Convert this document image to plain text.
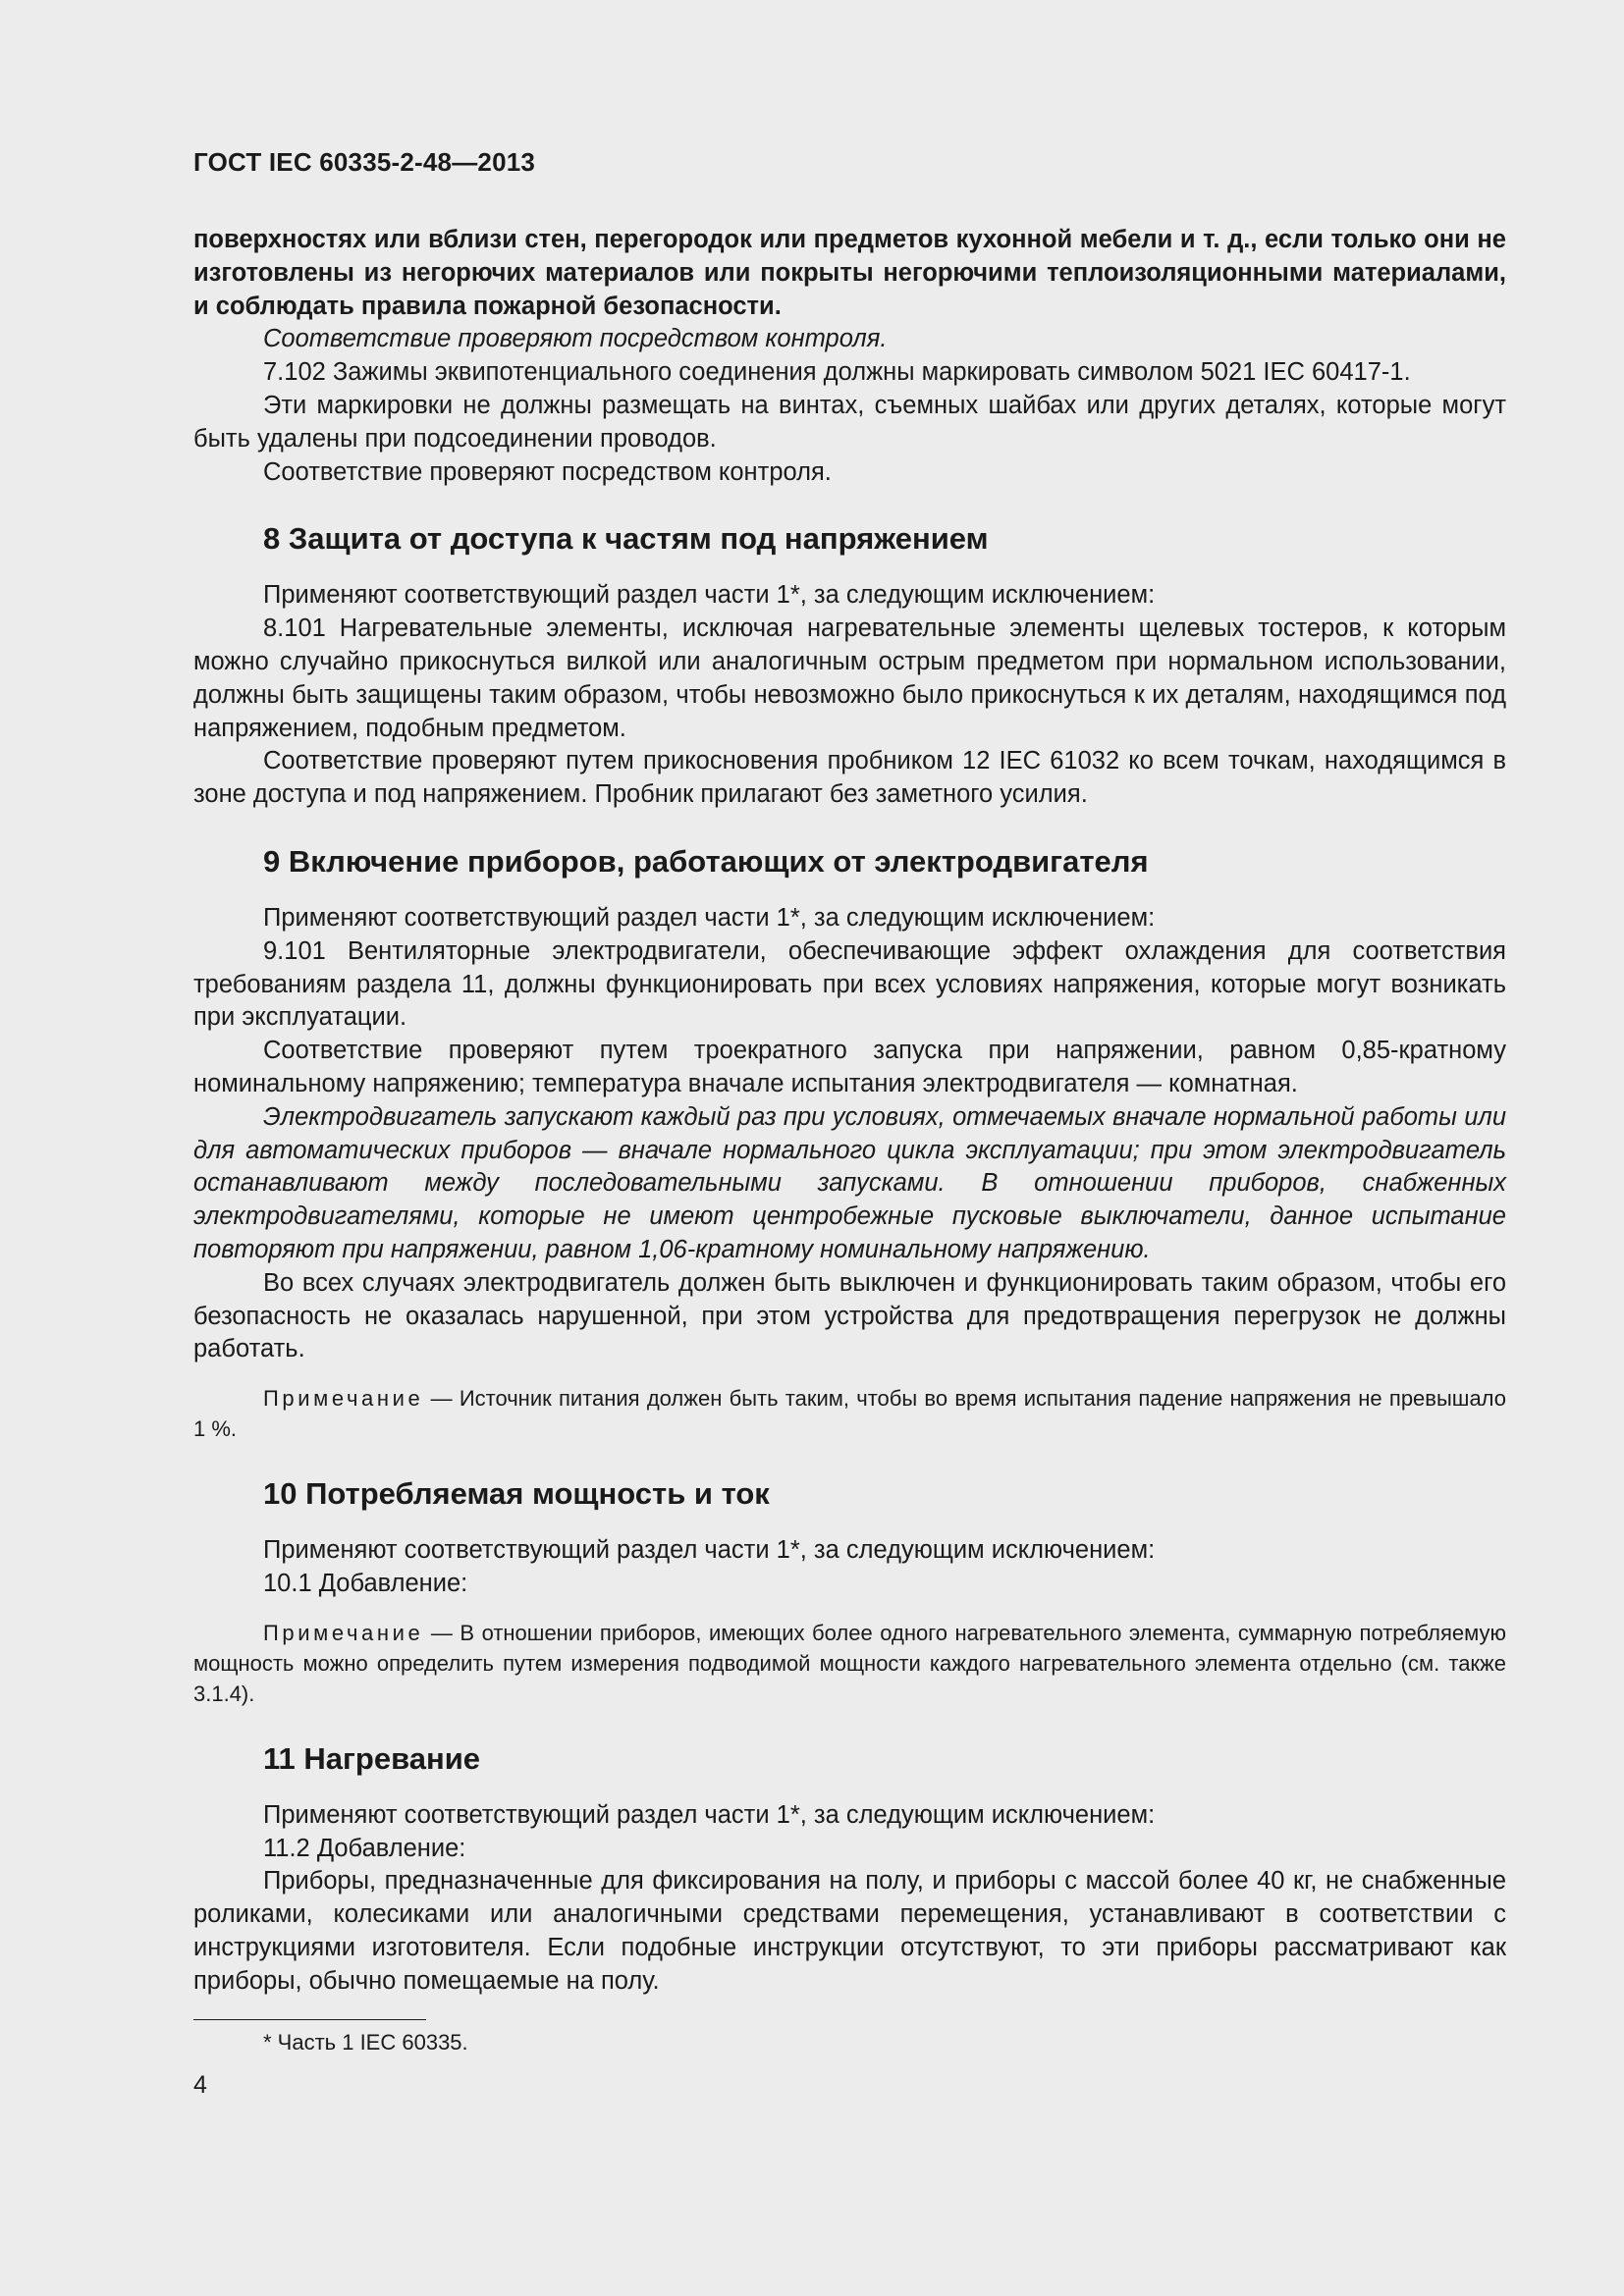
ГОСТ IEC 60335-2-48—2013

поверхностях или вблизи стен, перегородок или предметов кухонной мебели и т. д., если только они не изготовлены из негорючих материалов или покрыты негорючими теплоизоляционными материалами, и соблюдать правила пожарной безопасности.

Соответствие проверяют посредством контроля.

7.102 Зажимы эквипотенциального соединения должны маркировать символом 5021 IEC 60417-1.

Эти маркировки не должны размещать на винтах, съемных шайбах или других деталях, которые могут быть удалены при подсоединении проводов.

Соответствие проверяют посредством контроля.

8 Защита от доступа к частям под напряжением

Применяют соответствующий раздел части 1*, за следующим исключением:

8.101 Нагревательные элементы, исключая нагревательные элементы щелевых тостеров, к которым можно случайно прикоснуться вилкой или аналогичным острым предметом при нормальном использовании, должны быть защищены таким образом, чтобы невозможно было прикоснуться к их деталям, находящимся под напряжением, подобным предметом.

Соответствие проверяют путем прикосновения пробником 12 IEC 61032 ко всем точкам, находящимся в зоне доступа и под напряжением. Пробник прилагают без заметного усилия.

9 Включение приборов, работающих от электродвигателя

Применяют соответствующий раздел части 1*, за следующим исключением:

9.101 Вентиляторные электродвигатели, обеспечивающие эффект охлаждения для соответствия требованиям раздела 11, должны функционировать при всех условиях напряжения, которые могут возникать при эксплуатации.

Соответствие проверяют путем троекратного запуска при напряжении, равном 0,85-кратному номинальному напряжению; температура вначале испытания электродвигателя — комнатная.

Электродвигатель запускают каждый раз при условиях, отмечаемых вначале нормальной работы или для автоматических приборов — вначале нормального цикла эксплуатации; при этом электродвигатель останавливают между последовательными запусками. В отношении приборов, снабженных электродвигателями, которые не имеют центробежные пусковые выключатели, данное испытание повторяют при напряжении, равном 1,06-кратному номинальному напряжению.

Во всех случаях электродвигатель должен быть выключен и функционировать таким образом, чтобы его безопасность не оказалась нарушенной, при этом устройства для предотвращения перегрузок не должны работать.

Примечание — Источник питания должен быть таким, чтобы во время испытания падение напряжения не превышало 1 %.

10 Потребляемая мощность и ток

Применяют соответствующий раздел части 1*, за следующим исключением:

10.1 Добавление:

Примечание — В отношении приборов, имеющих более одного нагревательного элемента, суммарную потребляемую мощность можно определить путем измерения подводимой мощности каждого нагревательного элемента отдельно (см. также 3.1.4).

11 Нагревание

Применяют соответствующий раздел части 1*, за следующим исключением:

11.2 Добавление:

Приборы, предназначенные для фиксирования на полу, и приборы с массой более 40 кг, не снабженные роликами, колесиками или аналогичными средствами перемещения, устанавливают в соответствии с инструкциями изготовителя. Если подобные инструкции отсутствуют, то эти приборы рассматривают как приборы, обычно помещаемые на полу.

* Часть 1 IEC 60335.
4
